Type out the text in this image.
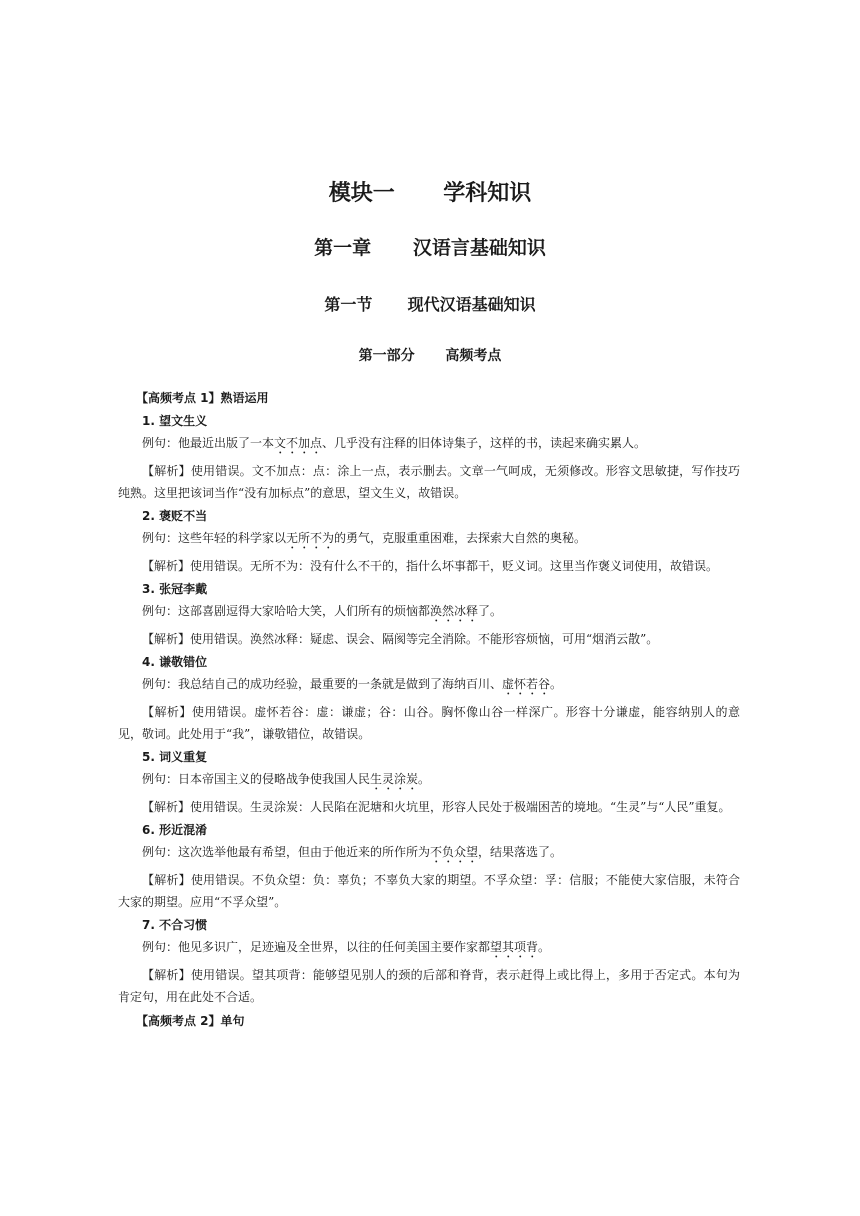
模块一 学科知识
第一章 汉语言基础知识
第一节 现代汉语基础知识
第一部分 高频考点
【高频考点 1】熟语运用
1. 望文生义
例句：他最近出版了一本文不加点、几乎没有注释的旧体诗集子，这样的书，读起来确实累人。
【解析】使用错误。文不加点：点：涂上一点，表示删去。文章一气呵成，无须修改。形容文思敏捷，写作技巧纯熟。这里把该词当作“没有加标点”的意思，望文生义，故错误。
2. 褒贬不当
例句：这些年轻的科学家以无所不为的勇气，克服重重困难，去探索大自然的奥秘。
【解析】使用错误。无所不为：没有什么不干的，指什么坏事都干，贬义词。这里当作褒义词使用，故错误。
3. 张冠李戴
例句：这部喜剧逗得大家哈哈大笑，人们所有的烦恼都涣然冰释了。
【解析】使用错误。涣然冰释：疑虑、误会、隔阂等完全消除。不能形容烦恼，可用“烟消云散”。
4. 谦敬错位
例句：我总结自己的成功经验，最重要的一条就是做到了海纳百川、虚怀若谷。
【解析】使用错误。虚怀若谷：虚：谦虚；谷：山谷。胸怀像山谷一样深广。形容十分谦虚，能容纳别人的意见，敬词。此处用于“我”，谦敬错位，故错误。
5. 词义重复
例句：日本帝国主义的侵略战争使我国人民生灵涂炭。
【解析】使用错误。生灵涂炭：人民陷在泥塘和火坑里，形容人民处于极端困苦的境地。“生灵”与“人民”重复。
6. 形近混淆
例句：这次选举他最有希望，但由于他近来的所作所为不负众望，结果落选了。
【解析】使用错误。不负众望：负：辜负；不辜负大家的期望。不孚众望：孚：信服；不能使大家信服，未符合大家的期望。应用“不孚众望”。
7. 不合习惯
例句：他见多识广，足迹遍及全世界，以往的任何美国主要作家都望其项背。
【解析】使用错误。望其项背：能够望见别人的颈的后部和脊背，表示赶得上或比得上，多用于否定式。本句为肯定句，用在此处不合适。
【高频考点 2】单句
